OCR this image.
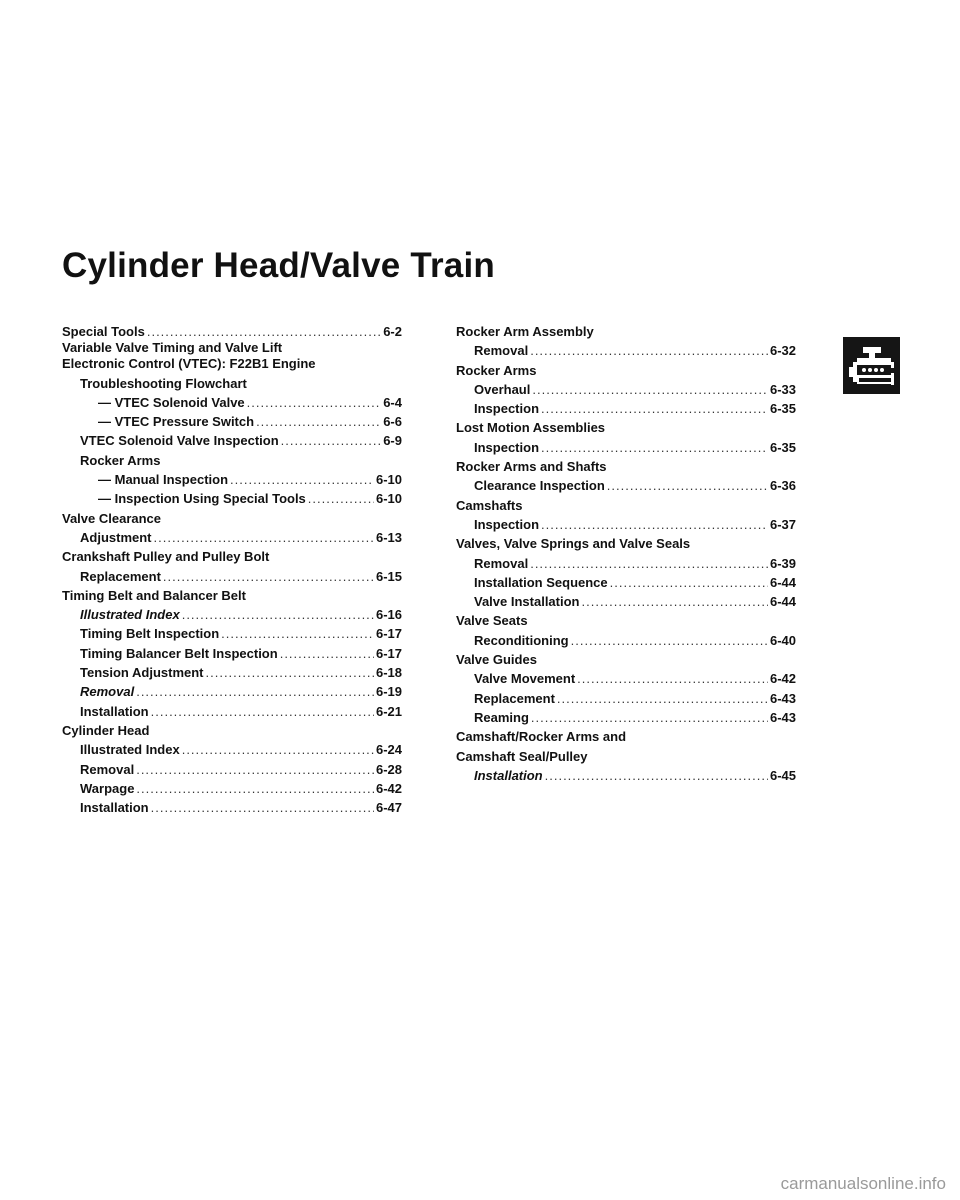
Cylinder Head/Valve Train
Special Tools .....	6-2
Variable Valve Timing and Valve Lift
Electronic Control (VTEC): F22B1 Engine
Troubleshooting Flowchart
— VTEC Solenoid Valve .....	6-4
— VTEC Pressure Switch .....	6-6
VTEC Solenoid Valve Inspection .....	6-9
Rocker Arms
— Manual Inspection .....	6-10
— Inspection Using Special Tools .....	6-10
Valve Clearance
Adjustment .....	6-13
Crankshaft Pulley and Pulley Bolt
Replacement .....	6-15
Timing Belt and Balancer Belt
Illustrated Index .....	6-16
Timing Belt Inspection .....	6-17
Timing Balancer Belt Inspection .....	6-17
Tension Adjustment .....	6-18
Removal .....	6-19
Installation .....	6-21
Cylinder Head
Illustrated Index .....	6-24
Removal .....	6-28
Warpage .....	6-42
Installation .....	6-47
Rocker Arm Assembly
Removal .....	6-32
Rocker Arms
Overhaul .....	6-33
Inspection .....	6-35
Lost Motion Assemblies
Inspection .....	6-35
Rocker Arms and Shafts
Clearance Inspection .....	6-36
Camshafts
Inspection .....	6-37
Valves, Valve Springs and Valve Seals
Removal .....	6-39
Installation Sequence .....	6-44
Valve Installation .....	6-44
Valve Seats
Reconditioning .....	6-40
Valve Guides
Valve Movement .....	6-42
Replacement .....	6-43
Reaming .....	6-43
Camshaft/Rocker Arms and
Camshaft Seal/Pulley
Installation .....	6-45
carmanualsonline.info
